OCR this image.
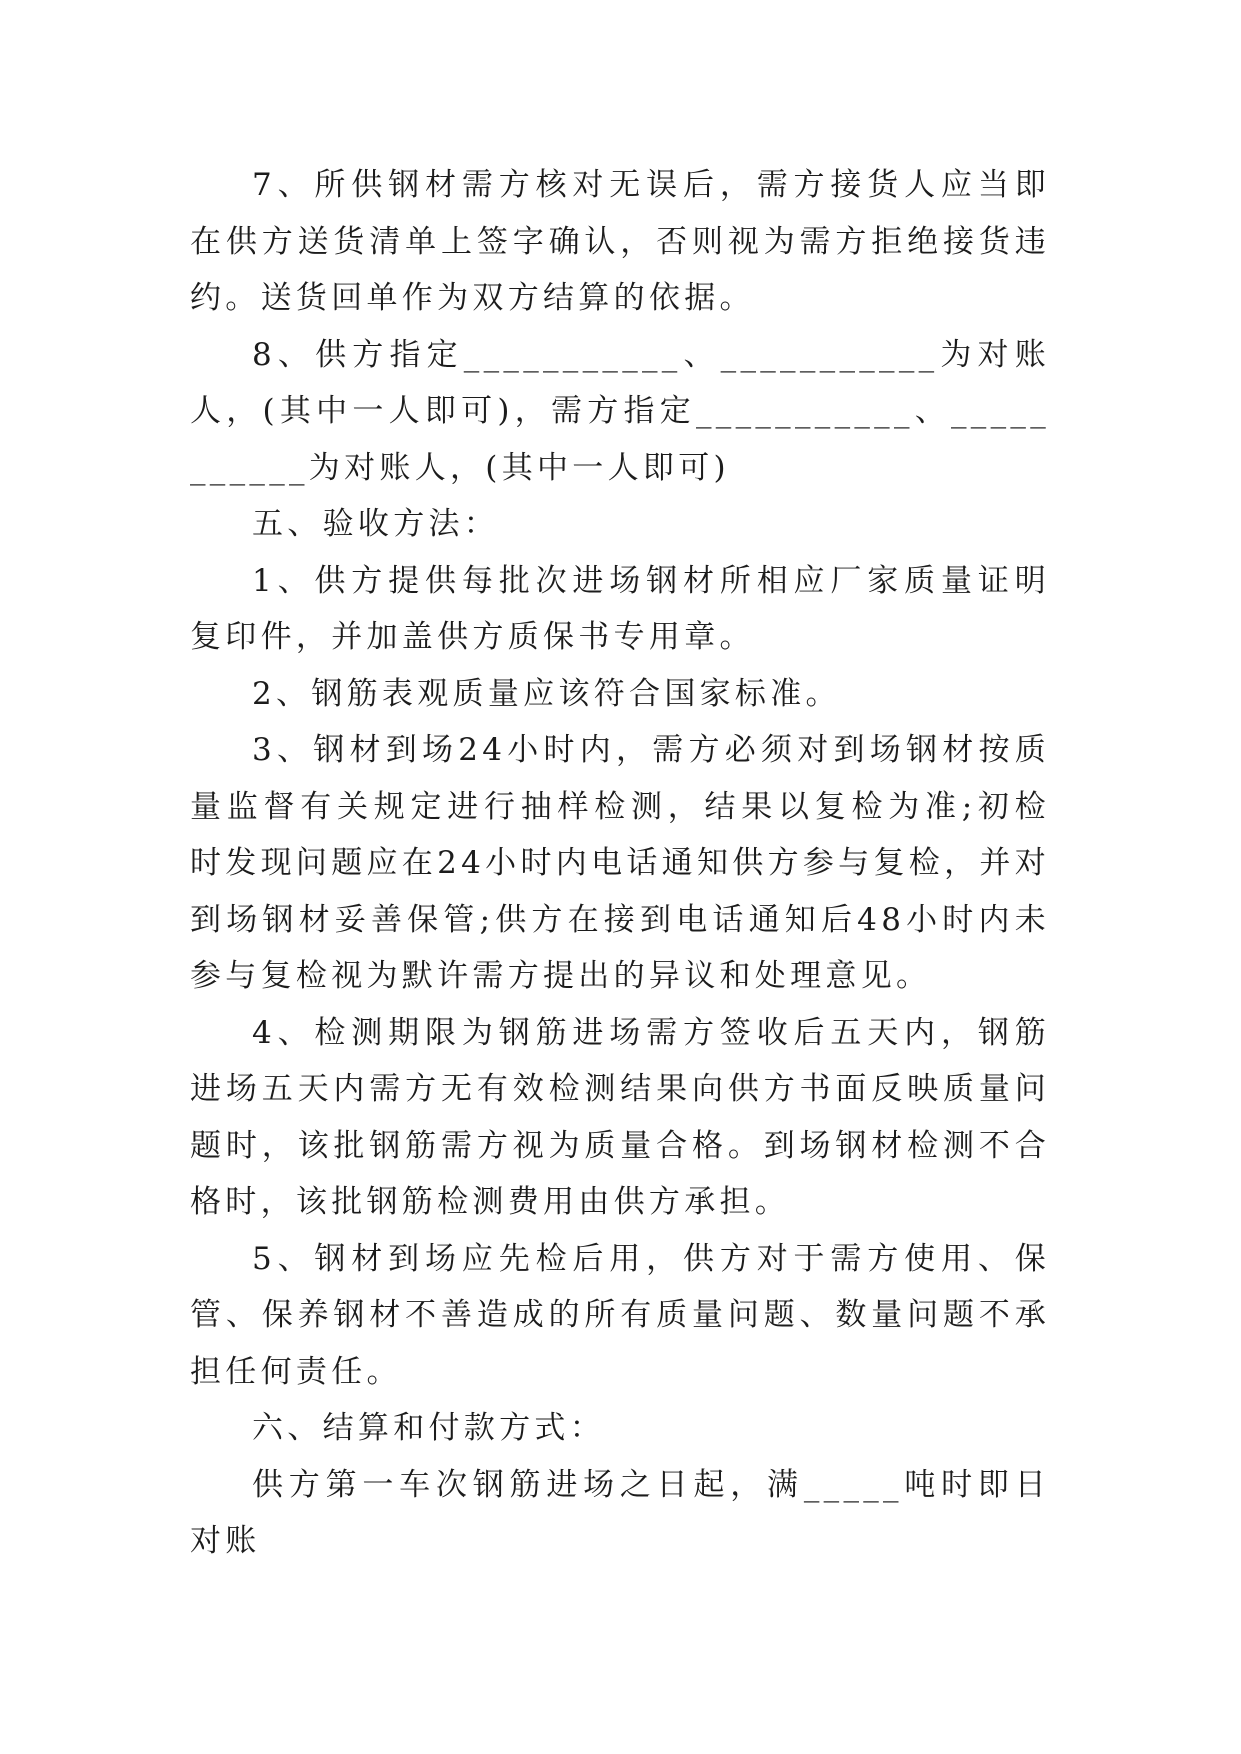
7、所供钢材需方核对无误后，需方接货人应当即在供方送货清单上签字确认，否则视为需方拒绝接货违约。送货回单作为双方结算的依据。

8、供方指定___________、___________为对账人，(其中一人即可)，需方指定___________、___________为对账人，(其中一人即可)

五、验收方法：

1、供方提供每批次进场钢材所相应厂家质量证明复印件，并加盖供方质保书专用章。

2、钢筋表观质量应该符合国家标准。

3、钢材到场24小时内，需方必须对到场钢材按质量监督有关规定进行抽样检测，结果以复检为准;初检时发现问题应在24小时内电话通知供方参与复检，并对到场钢材妥善保管;供方在接到电话通知后48小时内未参与复检视为默许需方提出的异议和处理意见。

4、检测期限为钢筋进场需方签收后五天内，钢筋进场五天内需方无有效检测结果向供方书面反映质量问题时，该批钢筋需方视为质量合格。到场钢材检测不合格时，该批钢筋检测费用由供方承担。

5、钢材到场应先检后用，供方对于需方使用、保管、保养钢材不善造成的所有质量问题、数量问题不承担任何责任。

六、结算和付款方式：

供方第一车次钢筋进场之日起，满_____吨时即日对账
